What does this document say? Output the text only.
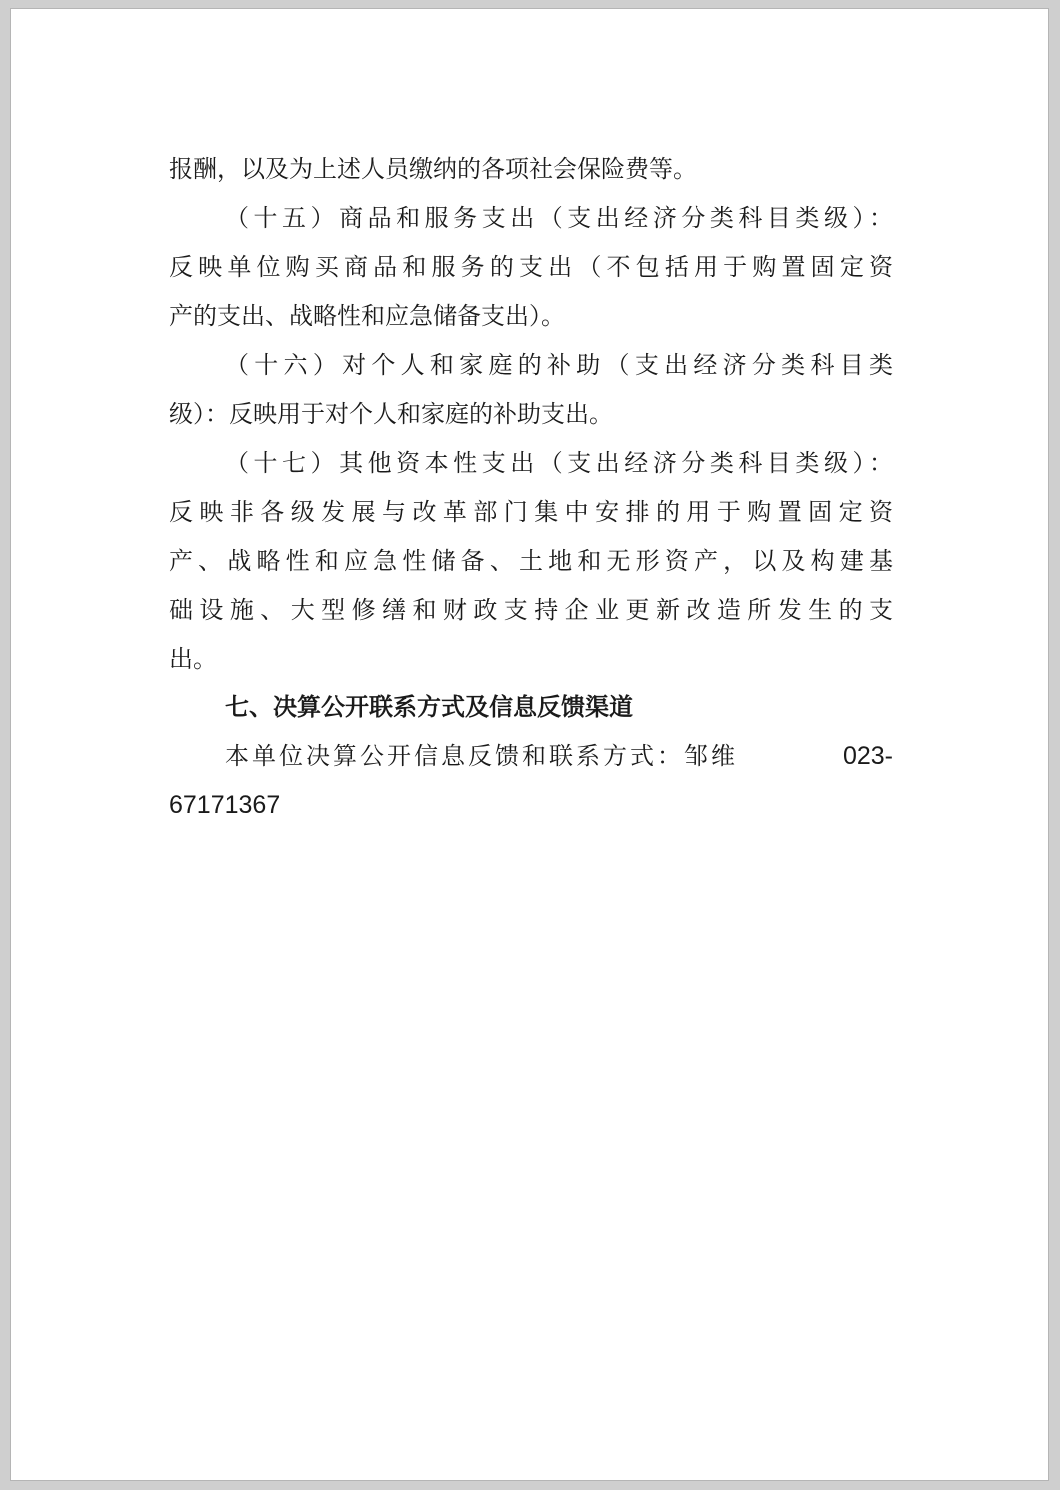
报酬，以及为上述人员缴纳的各项社会保险费等。
（十五）商品和服务支出（支出经济分类科目类级）：
反映单位购买商品和服务的支出（不包括用于购置固定资
产的支出、战略性和应急储备支出）。
（十六）对个人和家庭的补助（支出经济分类科目类
级）：反映用于对个人和家庭的补助支出。
（十七）其他资本性支出（支出经济分类科目类级）：
反映非各级发展与改革部门集中安排的用于购置固定资
产、战略性和应急性储备、土地和无形资产，以及构建基
础设施、大型修缮和财政支持企业更新改造所发生的支
出。
七、决算公开联系方式及信息反馈渠道
本单位决算公开信息反馈和联系方式：邹维	023-
67171367
